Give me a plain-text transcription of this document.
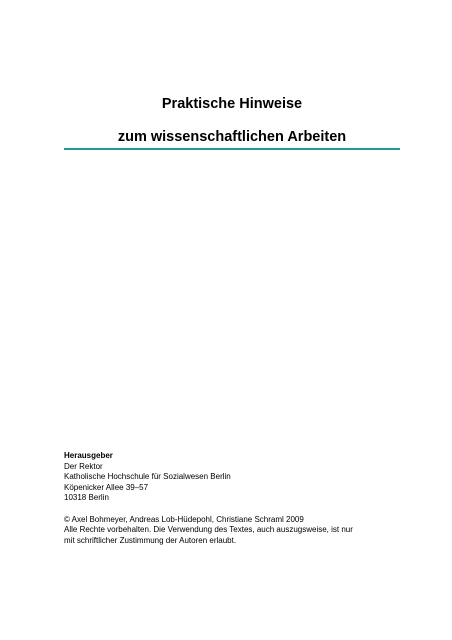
Praktische Hinweise
zum wissenschaftlichen Arbeiten
Herausgeber
Der Rektor
Katholische Hochschule für Sozialwesen Berlin
Köpenicker Allee 39–57
10318 Berlin
© Axel Bohmeyer, Andreas Lob-Hüdepohl, Christiane Schraml 2009
Alle Rechte vorbehalten. Die Verwendung des Textes, auch auszugsweise, ist nur
mit schriftlicher Zustimmung der Autoren erlaubt.
